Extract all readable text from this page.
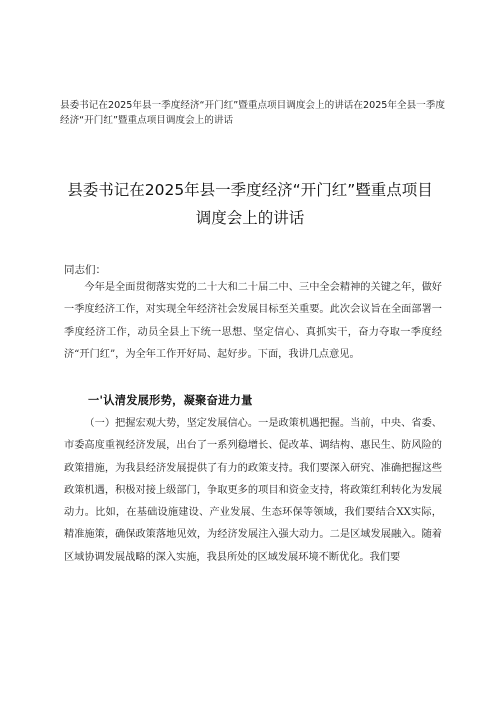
县委书记在2025年县一季度经济“开门红”暨重点项目调度会上的讲话在2025年全县一季度
经济“开门红”暨重点项目调度会上的讲话
县委书记在2025年县一季度经济“开门红”暨重点项目
调度会上的讲话
同志们：
今年是全面贯彻落实党的二十大和二十届二中、三中全会精神的关键之年，做好一季度经济工作，对实现全年经济社会发展目标至关重要。此次会议旨在全面部署一季度经济工作，动员全县上下统一思想、坚定信心、真抓实干，奋力夺取一季度经济“开门红”，为全年工作开好局、起好步。下面，我讲几点意见。
一'认清发展形势，凝聚奋进力量
（一）把握宏观大势，坚定发展信心。一是政策机遇把握。当前，中央、省委、市委高度重视经济发展，出台了一系列稳增长、促改革、调结构、惠民生、防风险的政策措施，为我县经济发展提供了有力的政策支持。我们要深入研究、准确把握这些政策机遇，积极对接上级部门，争取更多的项目和资金支持，将政策红利转化为发展动力。比如，在基础设施建设、产业发展、生态环保等领域，我们要结合XX实际，精准施策，确保政策落地见效，为经济发展注入强大动力。二是区域发展融入。随着区域协调发展战略的深入实施，我县所处的区域发展环境不断优化。我们要
